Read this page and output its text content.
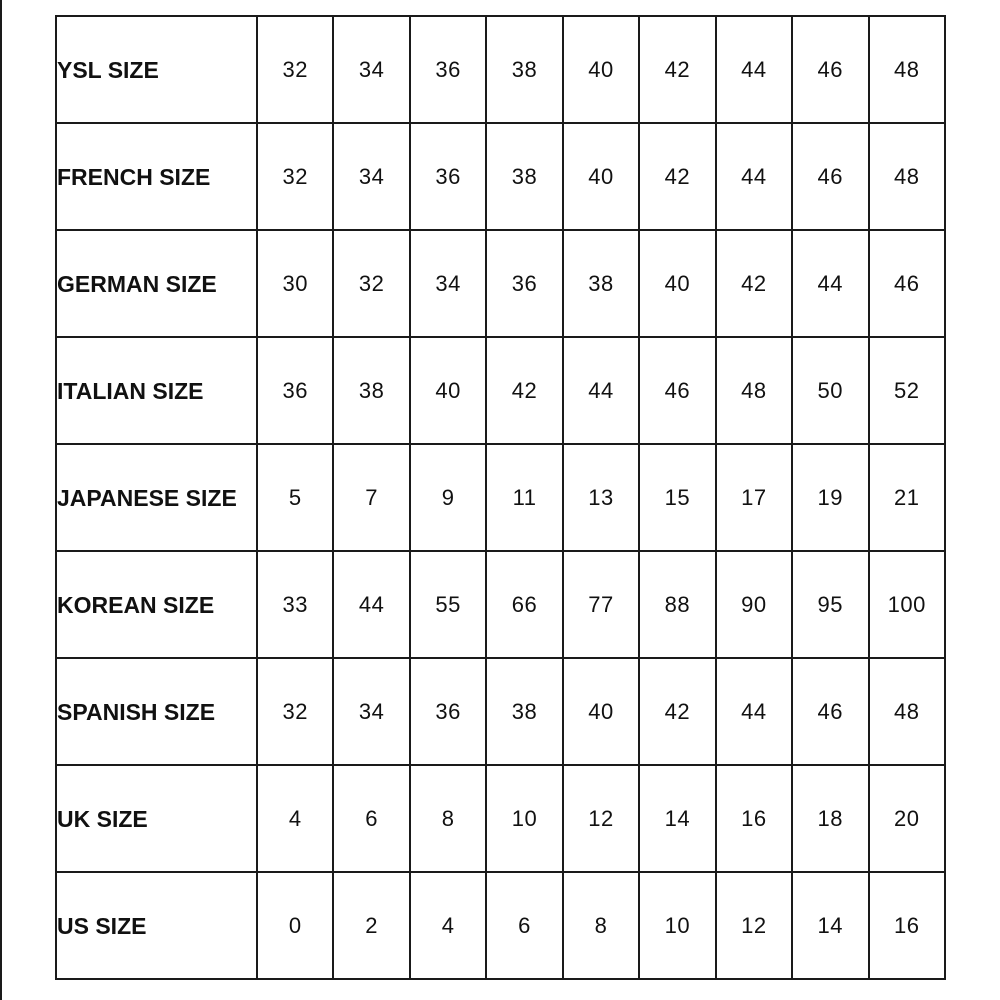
YSL SIZE	32	34	36	38	40	42	44	46	48
FRENCH SIZE	32	34	36	38	40	42	44	46	48
GERMAN SIZE	30	32	34	36	38	40	42	44	46
ITALIAN SIZE	36	38	40	42	44	46	48	50	52
JAPANESE SIZE	5	7	9	11	13	15	17	19	21
KOREAN SIZE	33	44	55	66	77	88	90	95	100
SPANISH SIZE	32	34	36	38	40	42	44	46	48
UK SIZE	4	6	8	10	12	14	16	18	20
US SIZE	0	2	4	6	8	10	12	14	16
